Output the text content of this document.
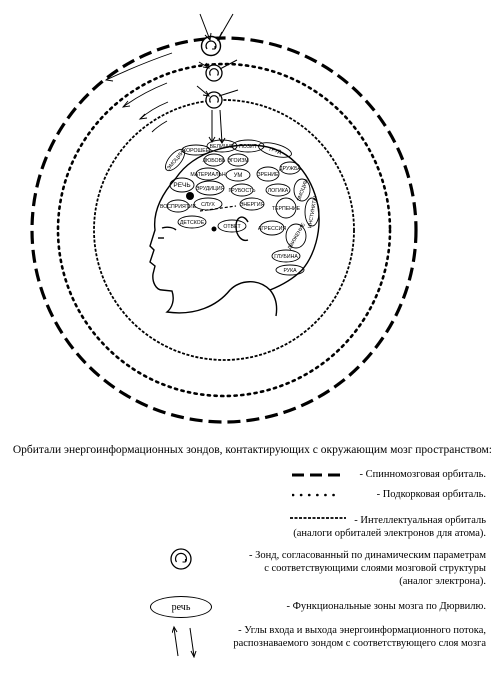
ЭМОЦИИ
ХОРОШЕЕ
ВЕЛИЧИЕ ПОЗИТ ТРУД
ЛЮБОВЬ ЭГОИЗМ
РЕЧЬ
МАТЕРИАЛЬН УМ	ЗРЕНИЕ
ЭРУДИЦИЯ ГРУБОСТЬ ЛОГИКА
ВОСПРИЯТИЕ СЛУХ	ЭНЕРГИЯ
ТЕРПЕНИЕ
ДЕТСКОЕ
ОТВЕТ	АГРЕССИЯ
ДРУЖБА
ЭМОЦИИ
ИНСТИНКТЫ
ДВИЖЕНИЕ
ГЛУБИНА
РУКА
Орбитали энергоинформационных зондов, контактирующих с окружающим мозг пространством:
- Спинномозговая орбиталь.
- Подкорковая орбиталь.
- Интеллектуальная орбиталь
(аналоги орбиталей электронов для атома).
- Зонд, согласованный по динамическим параметрам
с соответствующими слоями мозговой структуры
(аналог электрона).
речь	- Функциональные зоны мозга по Дюрвилю.
- Углы входа и выхода энергоинформационного потока,
распознаваемого зондом с соответствующего слоя мозга
